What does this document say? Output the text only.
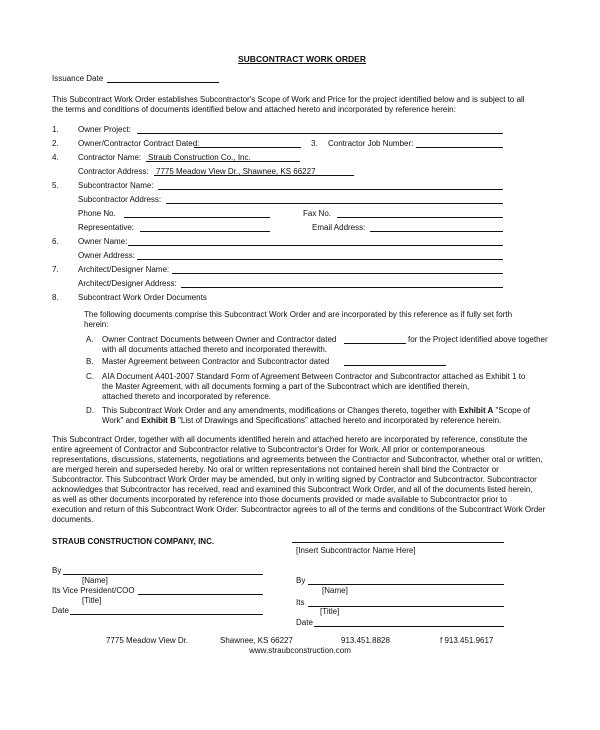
SUBCONTRACT WORK ORDER
Issuance Date
This Subcontract Work Order establishes Subcontractor's Scope of Work and Price for the project identified below and is subject to all
the terms and conditions of documents identified below and attached hereto and incorporated by reference herein:
1. Owner Project:
2. Owner/Contractor Contract Dated:	3. Contractor Job Number:
4. Contractor Name: Straub Construction Co., Inc.
Contractor Address: 7775 Meadow View Dr., Shawnee, KS 66227
5. Subcontractor Name:
Subcontractor Address:
Phone No.	Fax No.
Representative:	Email Address:
6. Owner Name:
Owner Address:
7. Architect/Designer Name:
Architect/Designer Address:
8. Subcontract Work Order Documents
The following documents comprise this Subcontract Work Order and are incorporated by this reference as if fully set forth
herein:
A. Owner Contract Documents between Owner and Contractor dated	for the Project identified above together
with all documents attached thereto and incorporated therewith.
B. Master Agreement between Contractor and Subcontractor dated
C. AIA Document A401-2007 Standard Form of Agreement Between Contractor and Subcontractor attached as Exhibit 1 to
the Master Agreement, with all documents forming a part of the Subcontract which are identified therein,
attached thereto and incorporated by reference.
D. This Subcontract Work Order and any amendments, modifications or Changes thereto, together with Exhibit A "Scope of
Work" and Exhibit B "List of Drawings and Specifications" attached hereto and incorporated by reference herein.
This Subcontract Order, together with all documents identified herein and attached hereto are incorporated by reference, constitute the
entire agreement of Contractor and Subcontractor relative to Subcontractor's Order for Work. All prior or contemporaneous
representations, discussions, statements, negotiations and agreements between the Contractor and Subcontractor, whether oral or written,
are merged herein and superseded hereby. No oral or written representations not contained herein shall bind the Contractor or
Subcontractor. This Subcontract Work Order may be amended, but only in writing signed by Contractor and Subcontractor. Subcontractor
acknowledges that Subcontractor has received, read and examined this Subcontract Work Order, and all of the documents listed herein,
as well as other documents incorporated by reference into those documents provided or made available to Subcontractor prior to
execution and return of this Subcontract Work Order. Subcontractor agrees to all of the terms and conditions of the Subcontract Work Order
documents.
STRAUB CONSTRUCTION COMPANY, INC.
[Insert Subcontractor Name Here]
By
[Name]
Its Vice President/COO
[Title]
Date
By
[Name]
Its
[Title]
Date
7775 Meadow View Dr.	Shawnee, KS 66227	913.451.8828	f 913.451.9617
www.straubconstruction.com
